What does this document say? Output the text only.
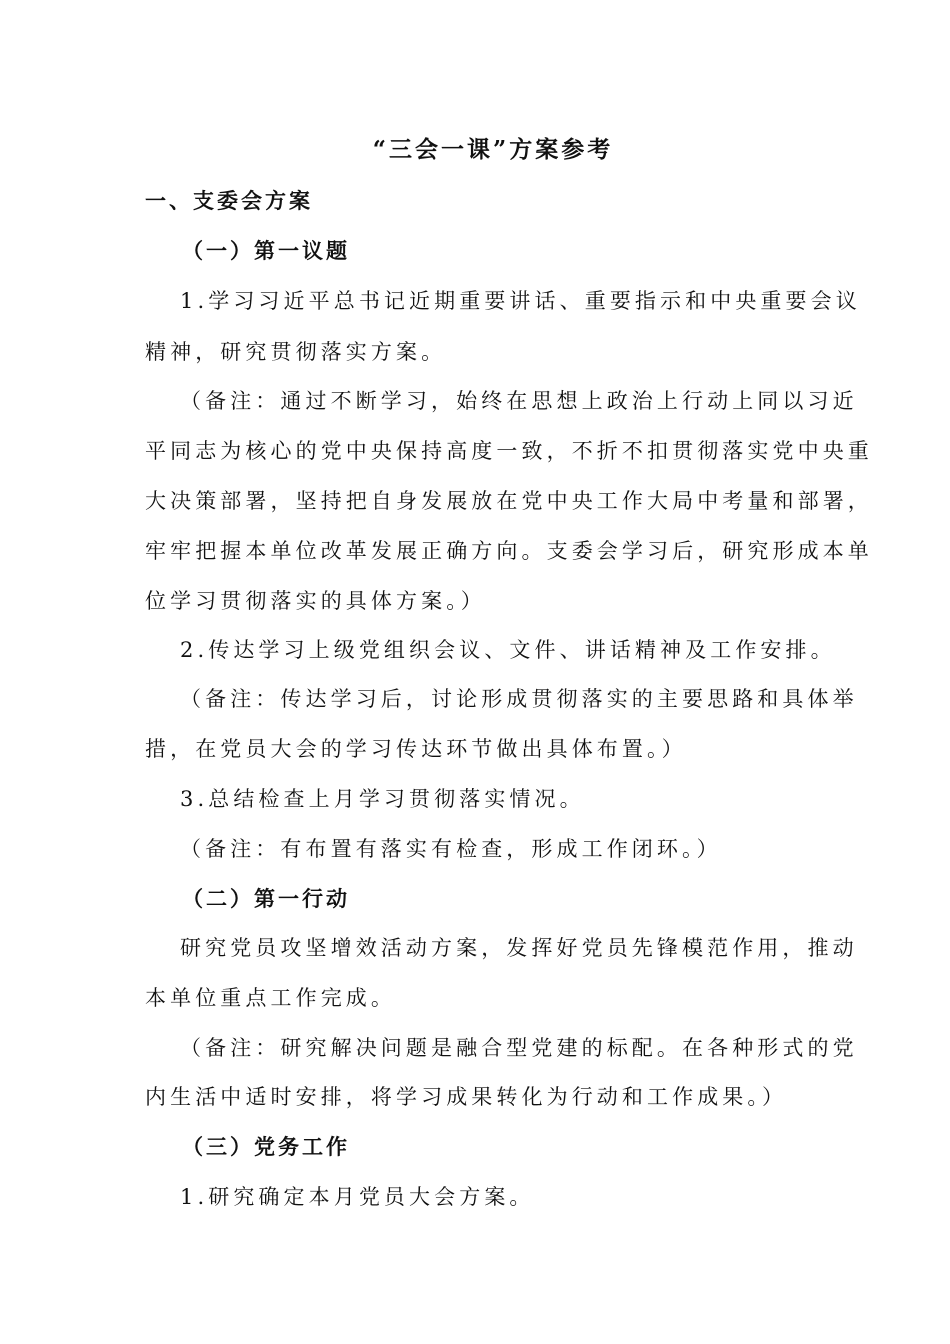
“三会一课”方案参考
一、支委会方案
（一）第一议题
1.学习习近平总书记近期重要讲话、重要指示和中央重要会议
精神，研究贯彻落实方案。
（备注：通过不断学习，始终在思想上政治上行动上同以习近
平同志为核心的党中央保持高度一致，不折不扣贯彻落实党中央重
大决策部署，坚持把自身发展放在党中央工作大局中考量和部署，
牢牢把握本单位改革发展正确方向。支委会学习后，研究形成本单
位学习贯彻落实的具体方案。）
2.传达学习上级党组织会议、文件、讲话精神及工作安排。
（备注：传达学习后，讨论形成贯彻落实的主要思路和具体举
措，在党员大会的学习传达环节做出具体布置。）
3.总结检查上月学习贯彻落实情况。
（备注：有布置有落实有检查，形成工作闭环。）
（二）第一行动
研究党员攻坚增效活动方案，发挥好党员先锋模范作用，推动
本单位重点工作完成。
（备注：研究解决问题是融合型党建的标配。在各种形式的党
内生活中适时安排，将学习成果转化为行动和工作成果。）
（三）党务工作
1.研究确定本月党员大会方案。
